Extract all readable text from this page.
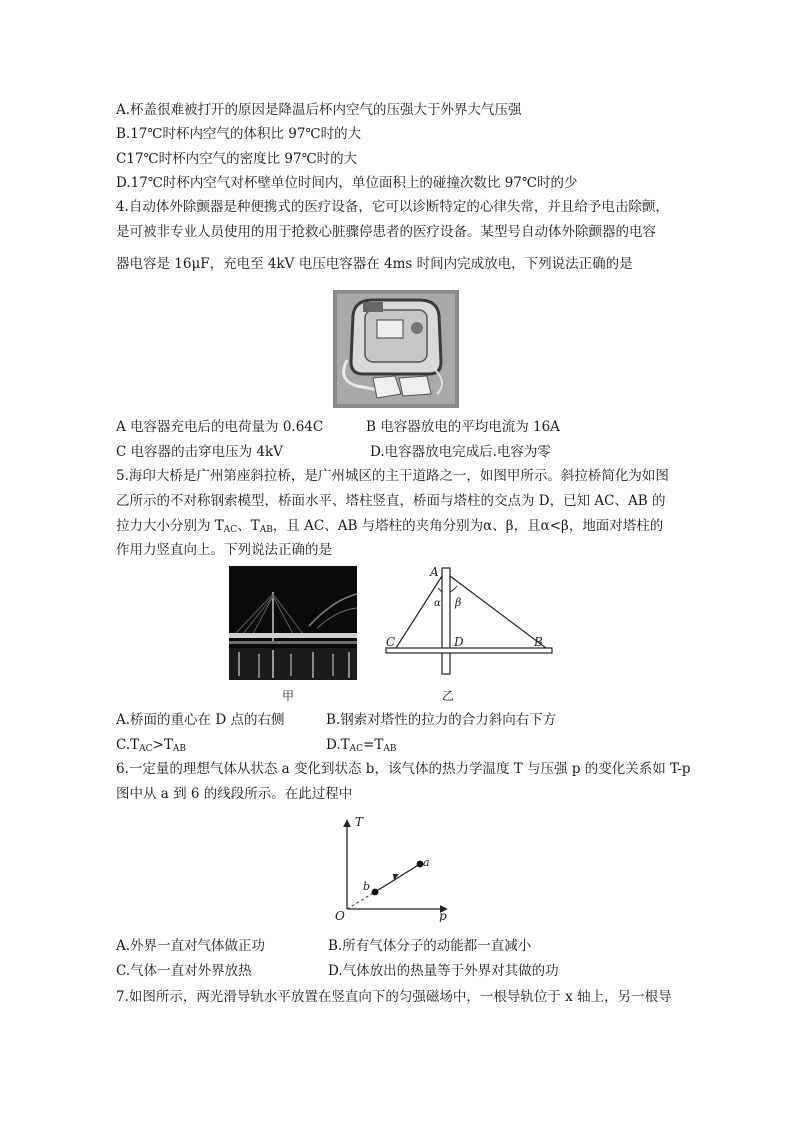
A.杯盖很难被打开的原因是降温后杯内空气的压强大于外界大气压强
B.17℃时杯内空气的体积比 97℃时的大
C17℃时杯内空气的密度比 97℃时的大
D.17℃时杯内空气对杯壁单位时间内，单位面积上的碰撞次数比 97℃时的少
4.自动体外除颤器是种便携式的医疗设备，它可以诊断特定的心律失常，并且给予电击除颤，
是可被非专业人员使用的用于抢救心脏骤停患者的医疗设备。某型号自动体外除颤器的电容
器电容是 16μF，充电至 4kV 电压电容器在 4ms 时间内完成放电，下列说法正确的是
A 电容器充电后的电荷量为 0.64C	B 电容器放电的平均电流为 16A
C 电容器的击穿电压为 4kV	D.电容器放电完成后.电容为零
5.海印大桥是广州第座斜拉桥，是广州城区的主干道路之一，如图甲所示。斜拉桥简化为如图
乙所示的不对称钢索模型，桥面水平、塔柱竖直，桥面与塔柱的交点为 D，已知 AC、AB 的
拉力大小分别为 $T_{AC}$、$T_{AB}$，且 AC、AB 与塔柱的夹角分别为α、β，且α<β，地面对塔柱的
作用力竖直向上。下列说法正确的是
甲
A
C	D	B
α β
乙
A.桥面的重心在 D 点的右侧	B.钢索对塔性的拉力的合力斜向右下方
$C.T_{AC}>T_{AB}$	$D.T_{AC}=T_{AB}$
6.一定量的理想气体从状态 a 变化到状态 b，该气体的热力学温度 T 与压强 p 的变化关系如 T-p
图中从 a 到 6 的线段所示。在此过程中
T
p
O
a
b
A.外界一直对气体做正功	B.所有气体分子的动能都一直减小
C.气体一直对外界放热	D.气体放出的热量等于外界对其做的功
7.如图所示，两光滑导轨水平放置在竖直向下的匀强磁场中，一根导轨位于 x 轴上，另一根导
